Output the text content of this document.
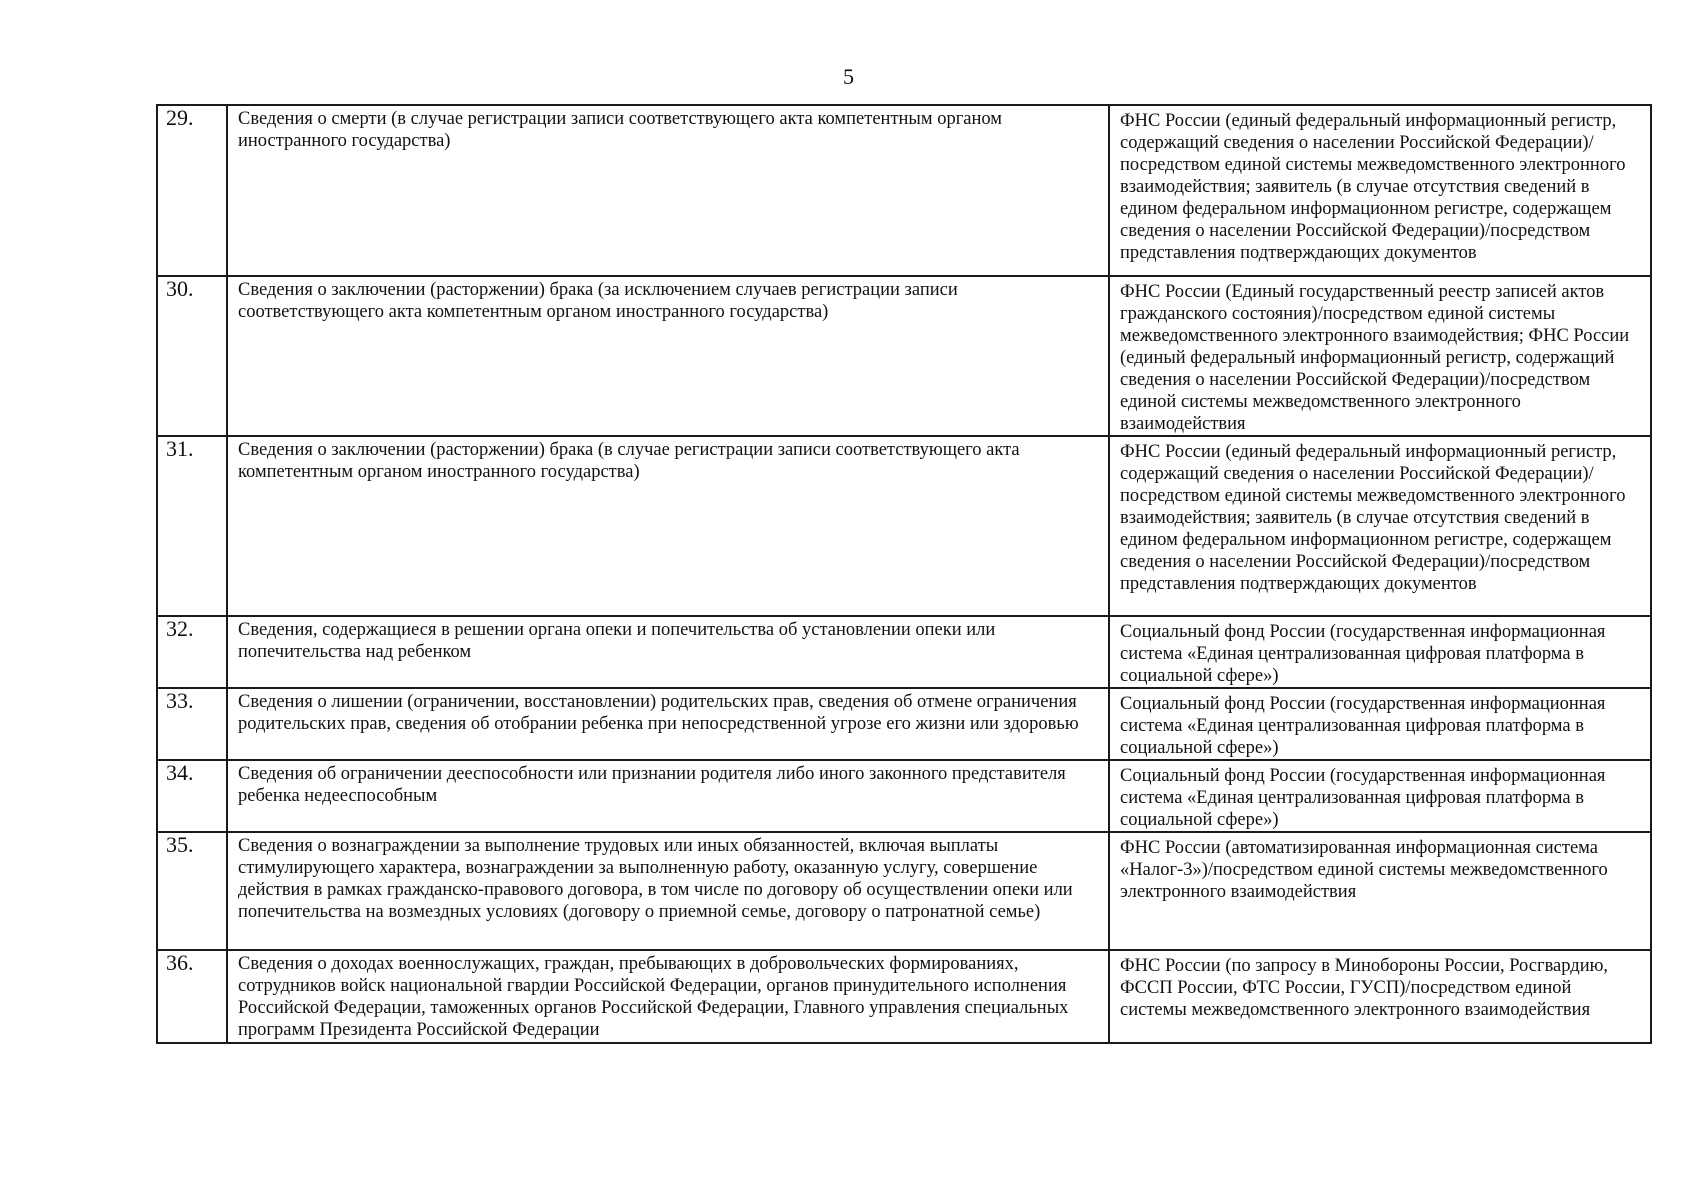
5
29.	Сведения о смерти (в случае регистрации записи соответствующего акта компетентным органом иностранного государства)	ФНС России (единый федеральный информационный регистр, содержащий сведения о населении Российской Федерации)/посредством единой системы межведомственного электронного взаимодействия; заявитель (в случае отсутствия сведений в едином федеральном информационном регистре, содержащем сведения о населении Российской Федерации)/посредством представления подтверждающих документов

30.	Сведения о заключении (расторжении) брака (за исключением случаев регистрации записи соответствующего акта компетентным органом иностранного государства)	ФНС России (Единый государственный реестр записей актов гражданского состояния)/посредством единой системы межведомственного электронного взаимодействия; ФНС России (единый федеральный информационный регистр, содержащий сведения о населении Российской Федерации)/посредством единой системы межведомственного электронного взаимодействия

31.	Сведения о заключении (расторжении) брака (в случае регистрации записи соответствующего акта компетентным органом иностранного государства)	ФНС России (единый федеральный информационный регистр, содержащий сведения о населении Российской Федерации)/посредством единой системы межведомственного электронного взаимодействия; заявитель (в случае отсутствия сведений в едином федеральном информационном регистре, содержащем сведения о населении Российской Федерации)/посредством представления подтверждающих документов

32.	Сведения, содержащиеся в решении органа опеки и попечительства об установлении опеки или попечительства над ребенком	Социальный фонд России (государственная информационная система «Единая централизованная цифровая платформа в социальной сфере»)

33.	Сведения о лишении (ограничении, восстановлении) родительских прав, сведения об отмене ограничения родительских прав, сведения об отобрании ребенка при непосредственной угрозе его жизни или здоровью	Социальный фонд России (государственная информационная система «Единая централизованная цифровая платформа в социальной сфере»)

34.	Сведения об ограничении дееспособности или признании родителя либо иного законного представителя ребенка недееспособным	Социальный фонд России (государственная информационная система «Единая централизованная цифровая платформа в социальной сфере»)

35.	Сведения о вознаграждении за выполнение трудовых или иных обязанностей, включая выплаты стимулирующего характера, вознаграждении за выполненную работу, оказанную услугу, совершение действия в рамках гражданско-правового договора, в том числе по договору об осуществлении опеки или попечительства на возмездных условиях (договору о приемной семье, договору о патронатной семье)	ФНС России (автоматизированная информационная система «Налог-3»)/посредством единой системы межведомственного электронного взаимодействия

36.	Сведения о доходах военнослужащих, граждан, пребывающих в добровольческих формированиях, сотрудников войск национальной гвардии Российской Федерации, органов принудительного исполнения Российской Федерации, таможенных органов Российской Федерации, Главного управления специальных программ Президента Российской Федерации	ФНС России (по запросу в Минобороны России, Росгвардию, ФССП России, ФТС России, ГУСП)/посредством единой системы межведомственного электронного взаимодействия
